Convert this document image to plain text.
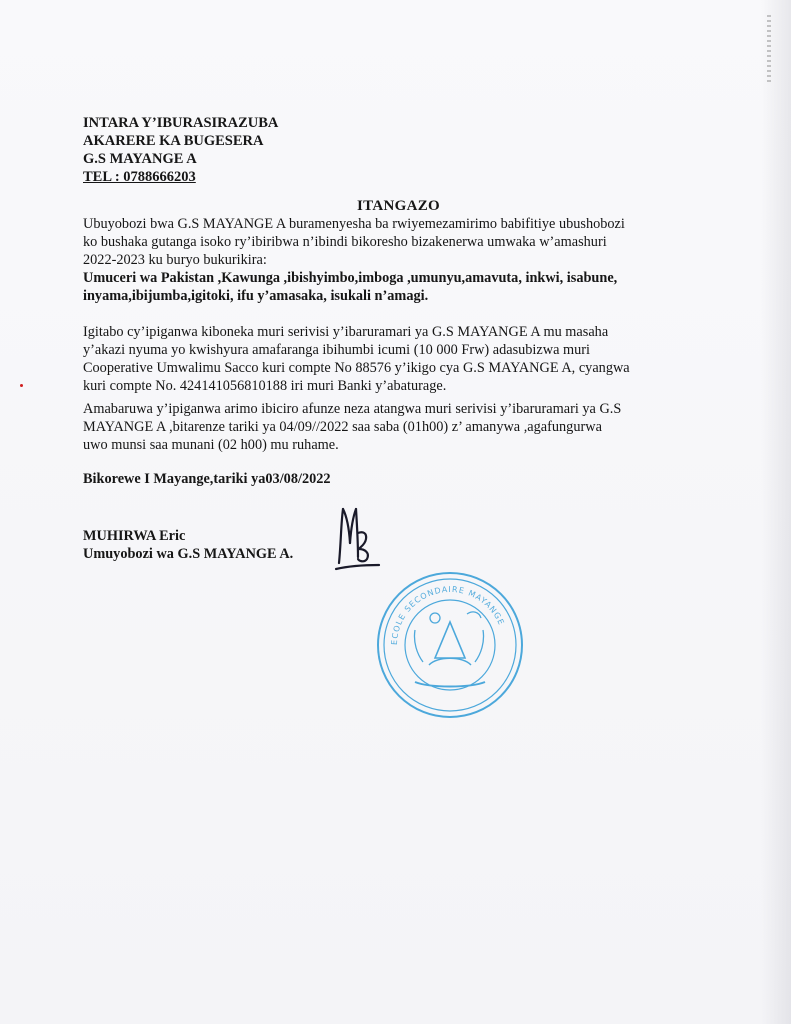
INTARA Y’IBURASIRAZUBA
AKARERE KA BUGESERA
G.S MAYANGE A
TEL : 0788666203
ITANGAZO

Ubuyobozi bwa G.S MAYANGE A buramenyesha ba rwiyemezamirimo babifitiye ubushobozi

ko bushaka gutanga isoko ry’ibiribwa n’ibindi bikoresho bizakenerwa umwaka w’amashuri

2022-2023 ku buryo bukurikira:

Umuceri wa Pakistan ,Kawunga ,ibishyimbo,imboga ,umunyu,amavuta, inkwi, isabune,

inyama,ibijumba,igitoki, ifu y’amasaka, isukali n’amagi.

Igitabo cy’ipiganwa kiboneka muri serivisi y’ibaruramari ya G.S MAYANGE A mu masaha

y’akazi nyuma yo kwishyura amafaranga ibihumbi icumi (10 000 Frw) adasubizwa muri

Cooperative Umwalimu Sacco kuri compte No 88576 y’ikigo cya G.S MAYANGE A, cyangwa

kuri compte No. 424141056810188 iri muri Banki y’abaturage.

Amabaruwa y’ipiganwa arimo ibiciro afunze neza atangwa muri serivisi y’ibaruramari ya G.S

MAYANGE A ,bitarenze tariki ya 04/09//2022 saa saba (01h00) z’ amanywa ,agafungurwa

uwo munsi saa munani (02 h00) mu ruhame.

Bikorewe I Mayange,tariki ya03/08/2022

MUHIRWA Eric

Umuyobozi wa G.S MAYANGE A.

ECOLE SECONDAIRE MAYANGE
